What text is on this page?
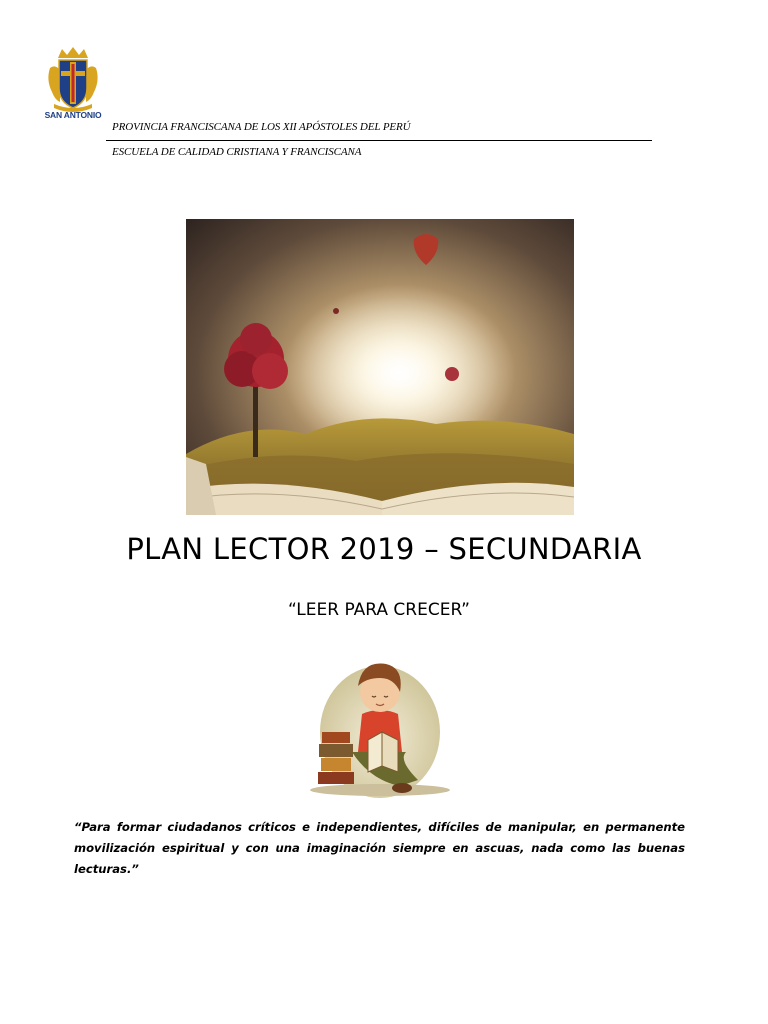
SAN ANTONIO
PROVINCIA FRANCISCANA DE LOS XII APÓSTOLES DEL PERÚ
ESCUELA DE CALIDAD CRISTIANA Y FRANCISCANA
PLAN LECTOR 2019 – SECUNDARIA
“LEER PARA CRECER”
“Para formar ciudadanos críticos e independientes, difíciles de manipular, en permanente movilización espiritual y con una imaginación siempre en ascuas, nada como las buenas lecturas.”
